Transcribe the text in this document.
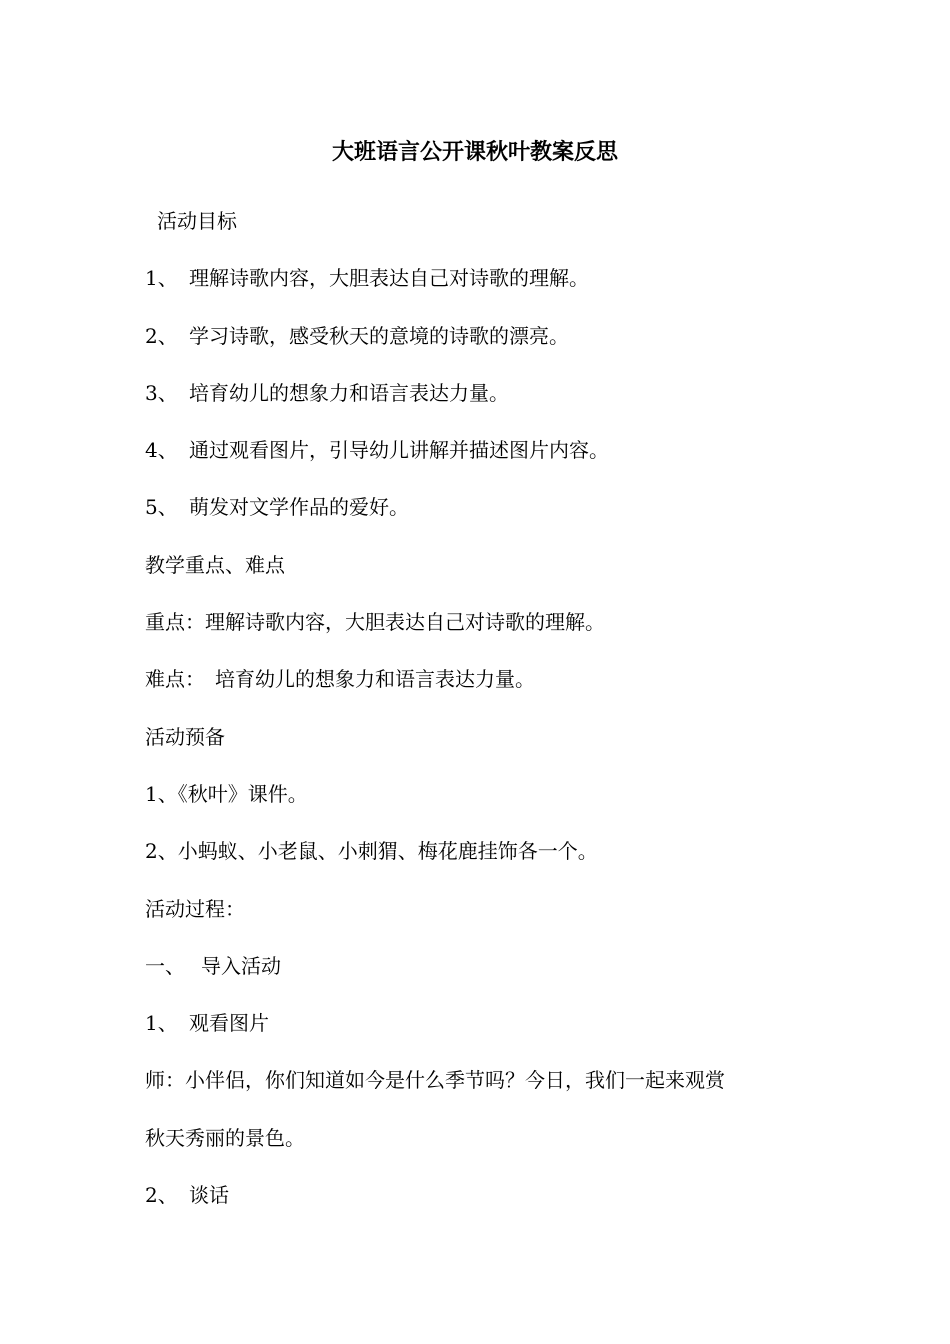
大班语言公开课秋叶教案反思
活动目标
1、 理解诗歌内容，大胆表达自己对诗歌的理解。
2、 学习诗歌，感受秋天的意境的诗歌的漂亮。
3、 培育幼儿的想象力和语言表达力量。
4、 通过观看图片，引导幼儿讲解并描述图片内容。
5、 萌发对文学作品的爱好。
教学重点、难点
重点：理解诗歌内容，大胆表达自己对诗歌的理解。
难点： 培育幼儿的想象力和语言表达力量。
活动预备
1、《秋叶》课件。
2、小蚂蚁、小老鼠、小刺猬、梅花鹿挂饰各一个。
活动过程：
一、 导入活动
1、 观看图片
师：小伴侣，你们知道如今是什么季节吗？今日，我们一起来观赏
秋天秀丽的景色。
2、 谈话
